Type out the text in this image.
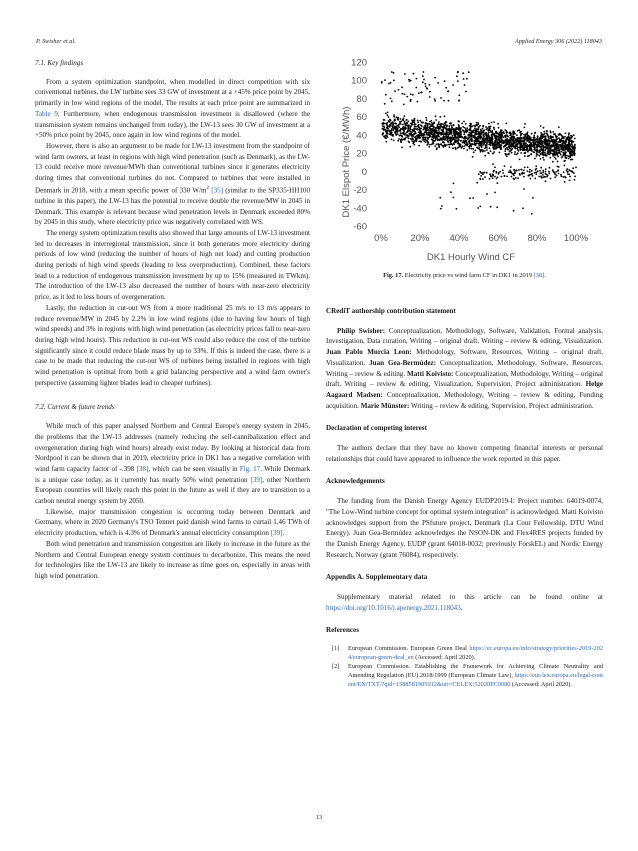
P. Swisher et al.	Applied Energy 306 (2022) 118043
7.1. Key findings

From a system optimization standpoint, when modelled in direct competition with six conventional turbines, the LW turbine sees 33 GW of investment at a +45% price point by 2045, primarily in low wind regions of the model. The results at each price point are summarized in Table 9. Furthermore, when endogenous transmission investment is disallowed (where the transmission system remains unchanged from today), the LW-13 sees 30 GW of investment at a +50% price point by 2045, once again in low wind regions of the model.

However, there is also an argument to be made for LW-13 investment from the standpoint of wind farm owners, at least in regions with high wind penetration (such as Denmark), as the LW-13 could receive more revenue/MWh than conventional turbines since it generates electricity during times that conventional turbines do not. Compared to turbines that were installed in Denmark in 2018, with a mean specific power of 330 $W/m^2$ [35] (similar to the SP335-HH100 turbine in this paper), the LW-13 has the potential to receive double the revenue/MW in 2045 in Denmark. This example is relevant because wind penetration levels in Denmark exceeded 80% by 2045 in this study, where electricity price was negatively correlated with WS.

The energy system optimization results also showed that large amounts of LW-13 investment led to decreases in interregional transmission, since it both generates more electricity during periods of low wind (reducing the number of hours of high net load) and cutting production during periods of high wind speeds (leading to less overproduction). Combined, these factors lead to a reduction of endogenous transmission investment by up to 15% (measured in TWkm). The introduction of the LW-13 also decreased the number of hours with near-zero electricity price, as it led to less hours of overgeneration.

Lastly, the reduction in cut-out WS from a more traditional 25 m/s to 13 m/s appears to reduce revenue/MW in 2045 by 2.2% in low wind regions (due to having few hours of high wind speeds) and 3% in regions with high wind penetration (as electricity prices fall to near-zero during high wind hours). This reduction in cut-out WS could also reduce the cost of the turbine significantly since it could reduce blade mass by up to 33%. If this is indeed the case, there is a case to be made that reducing the cut-out WS of turbines being installed in regions with high wind penetration is optimal from both a grid balancing perspective and a wind farm owner's perspective (assuming lighter blades lead to cheaper turbines).

7.2. Current & future trends

While much of this paper analysed Northern and Central Europe's energy system in 2045, the problems that the LW-13 addresses (namely reducing the self-cannibalization effect and overgeneration during high wind hours) already exist today. By looking at historical data from Nordpool it can be shown that in 2019, electricity price in DK1 has a negative correlation with wind farm capacity factor of -.398 [38], which can be seen visually in Fig. 17. While Denmark is a unique case today, as it currently has nearly 50% wind penetration [39], other Northern European countries will likely reach this point in the future as well if they are to transition to a carbon neutral energy system by 2050.

Likewise, major transmission congestion is occurring today between Denmark and Germany, where in 2020 Germany's TSO Tennet paid danish wind farms to curtail 1.46 TWh of electricity production, which is 4.3% of Denmark's annual electricity consumption [39].

Both wind penetration and transmission congestion are likely to increase in the future as the Northern and Central European energy system continues to decarbonize. This means the need for technologies like the LW-13 are likely to increase as time goes on, especially in areas with high wind penetration.

120
100
80
60
40
20
0
-20
-40
-60
0% 20% 40% 60% 80% 100%
DK1 Elspot Price (€/MWh)
DK1 Hourly Wind CF
Fig. 17. Electricity price vs wind farm CF in DK1 in 2019 [38].
CRediT authorship contribution statement

Philip Swisher: Conceptualization, Methodology, Software, Validation, Formal analysis, Investigation, Data curation, Writing – original draft, Writing – review & editing, Visualization. Juan Pablo Murcia Leon: Methodology, Software, Resources, Writing – original draft, Visualization. Juan Gea-Bermúdez: Conceptualization, Methodology, Software, Resources, Writing – review & editing. Matti Koivisto: Conceptualization, Methodology, Writing – original draft, Writing – review & editing, Visualization, Supervision, Project administration. Helge Aagaard Madsen: Conceptualization, Methodology, Writing – review & editing, Funding acquisition. Marie Münster: Writing – review & editing, Supervision, Project administration.

Declaration of competing interest

The authors declare that they have no known competing financial interests or personal relationships that could have appeared to influence the work reported in this paper.

Acknowledgements

The funding from the Danish Energy Agency EUDP2019-I: Project number. 64019-0074, "The Low-Wind turbine concept for optimal system integration" is acknowledged. Matti Koivisto acknowledges support from the PSfuture project, Denmark (La Cour Fellowship, DTU Wind Energy). Juan Gea-Bermúdez acknowledges the NSON-DK and Flex4RES projects funded by the Danish Energy Agency, EUDP (grant 64018-0032; previously ForskEL) and Nordic Energy Research, Norway (grant 76084), respectively.

Appendix A. Supplementary data

Supplementary material related to this article can be found online at https://doi.org/10.1016/j.apenergy.2021.118043.

References
[1] European Commission. European Green Deal https://ec.europa.eu/info/strategy/priorities-2019-2024/european-green-deal_en (Accessed: April 2020).
[2] European Commission. Establishing the Framework for Achieving Climate Neutrality and Amending Regulation (EU) 2018/1999 (European Climate Law), https://eur-lex.europa.eu/legal-content/EN/TXT/?qid=1588581905912&uri=CELEX:52020PC0080 (Accessed: April 2020).
13
